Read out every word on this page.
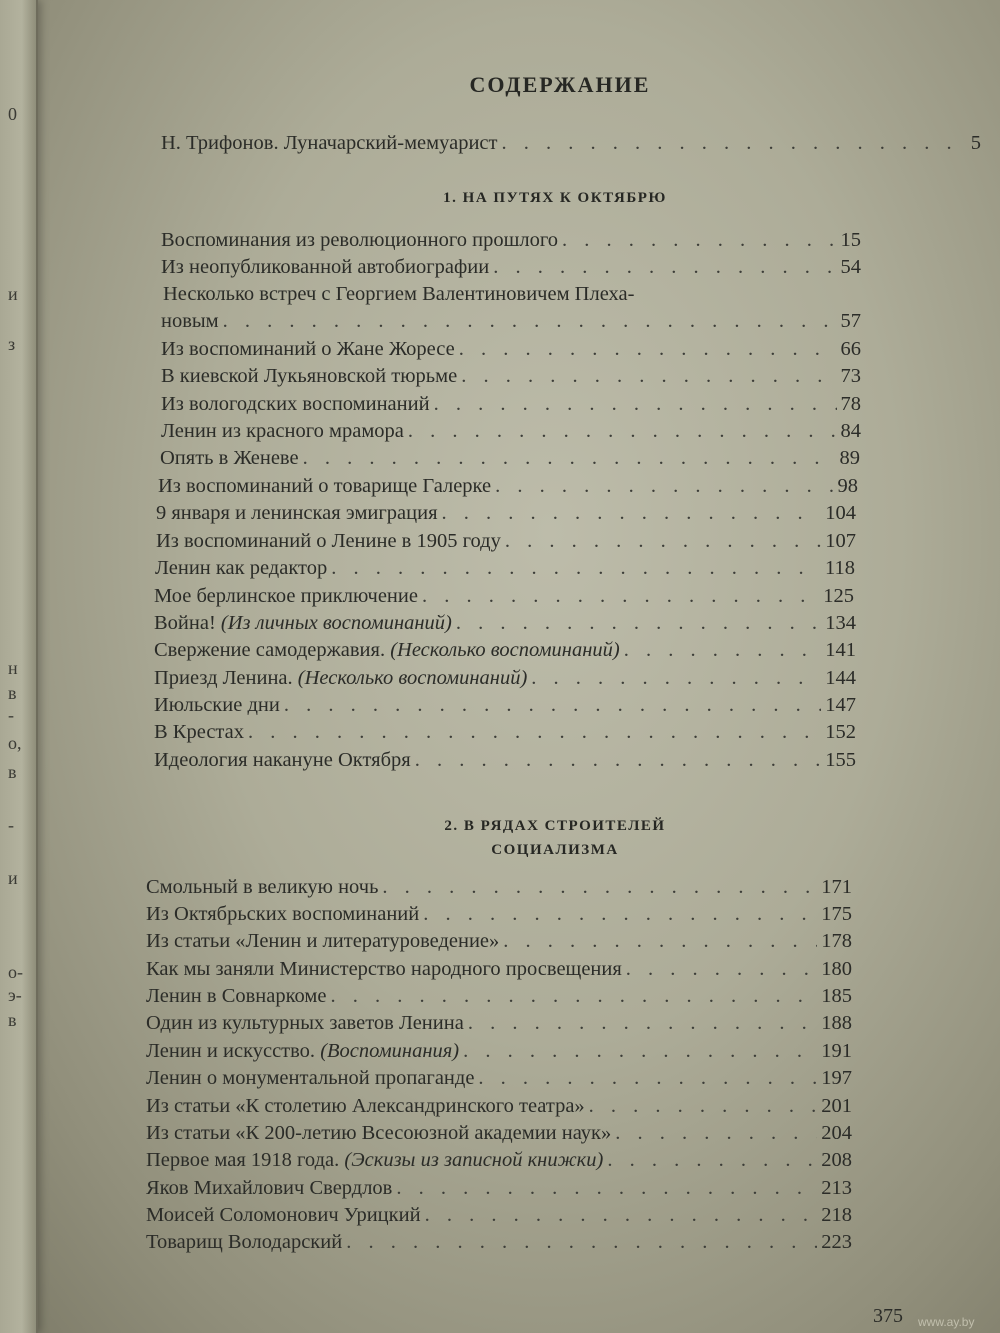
0
и
з
н
в
-
o,
в
-
и
o-
э-
в
СОДЕРЖАНИЕ
Н. Трифонов. Луначарский-мемуарист . . .	5
1. НА ПУТЯХ К ОКТЯБРЮ
Воспоминания из революционного прошлого . . .	15
Из неопубликованной автобиографии . . .	54
Несколько встреч с Георгием Валентиновичем Плеха-
новым . . .	57
Из воспоминаний о Жане Жоресе . . .	66
В киевской Лукьяновской тюрьме . . .	73
Из вологодских воспоминаний . . .	78
Ленин из красного мрамора . . .	84
Опять в Женеве . . .	89
Из воспоминаний о товарище Галерке . . .	98
9 января и ленинская эмиграция . . .	104
Из воспоминаний о Ленине в 1905 году . . .	107
Ленин как редактор . . .	118
Мое берлинское приключение . . .	125
Война! (Из личных воспоминаний) . . .	134
Свержение самодержавия. (Несколько воспоминаний) . . .	141
Приезд Ленина. (Несколько воспоминаний) . . .	144
Июльские дни . . .	147
В Крестах . . .	152
Идеология накануне Октября . . .	155
2. В РЯДАХ СТРОИТЕЛЕЙ
СОЦИАЛИЗМА
Смольный в великую ночь . . .	171
Из Октябрьских воспоминаний . . .	175
Из статьи «Ленин и литературоведение» . . .	178
Как мы заняли Министерство народного просвещения . . .	180
Ленин в Совнаркоме . . .	185
Один из культурных заветов Ленина . . .	188
Ленин и искусство. (Воспоминания) . . .	191
Ленин о монументальной пропаганде . . .	197
Из статьи «К столетию Александринского театра» . . .	201
Из статьи «К 200-летию Всесоюзной академии наук» . . .	204
Первое мая 1918 года. (Эскизы из записной книжки) . . .	208
Яков Михайлович Свердлов . . .	213
Моисей Соломонович Урицкий . . .	218
Товарищ Володарский . . .	223
375 www.ay.by
